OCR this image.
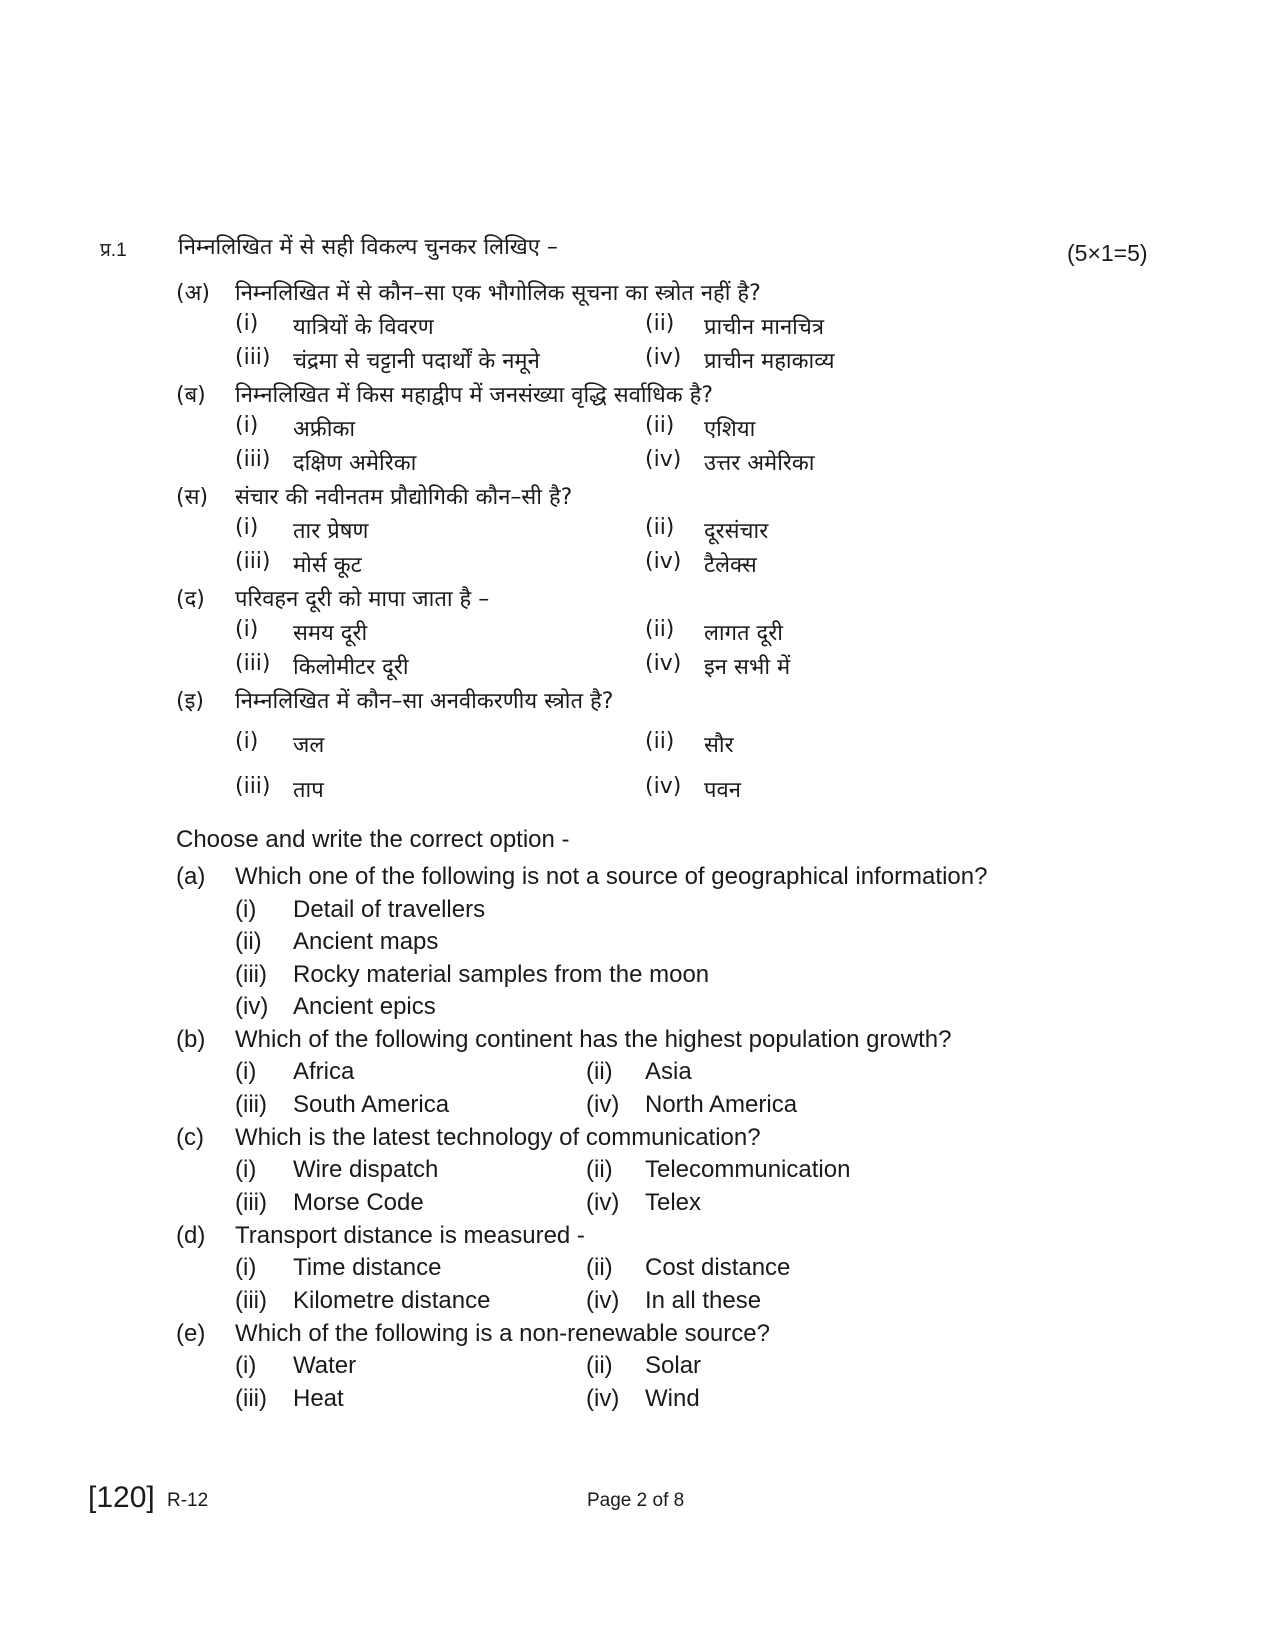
प्र.1 निम्नलिखित में से सही विकल्प चुनकर लिखिए –	(5×1=5)
(अ) निम्नलिखित में से कौन–सा एक भौगोलिक सूचना का स्त्रोत नहीं है?
(i) यात्रियों के विवरण	(ii) प्राचीन मानचित्र
(iii) चंद्रमा से चट्टानी पदार्थों के नमूने	(iv) प्राचीन महाकाव्य
(ब) निम्नलिखित में किस महाद्वीप में जनसंख्या वृद्धि सर्वाधिक है?
(i) अफ्रीका	(ii) एशिया
(iii) दक्षिण अमेरिका	(iv) उत्तर अमेरिका
(स) संचार की नवीनतम प्रौद्योगिकी कौन–सी है?
(i) तार प्रेषण	(ii) दूरसंचार
(iii) मोर्स कूट	(iv) टैलेक्स
(द) परिवहन दूरी को मापा जाता है –
(i) समय दूरी	(ii) लागत दूरी
(iii) किलोमीटर दूरी	(iv) इन सभी में
(इ) निम्नलिखित में कौन–सा अनवीकरणीय स्त्रोत है?
(i) जल	(ii) सौर
(iii) ताप	(iv) पवन
Choose and write the correct option -
(a) Which one of the following is not a source of geographical information?
(i) Detail of travellers
(ii) Ancient maps
(iii) Rocky material samples from the moon
(iv) Ancient epics
(b) Which of the following continent has the highest population growth?
(i) Africa	(ii) Asia
(iii) South America	(iv) North America
(c) Which is the latest technology of communication?
(i) Wire dispatch	(ii) Telecommunication
(iii) Morse Code	(iv) Telex
(d) Transport distance is measured -
(i) Time distance	(ii) Cost distance
(iii) Kilometre distance	(iv) In all these
(e) Which of the following is a non-renewable source?
(i) Water	(ii) Solar
(iii) Heat	(iv) Wind
[120] R-12	Page 2 of 8
